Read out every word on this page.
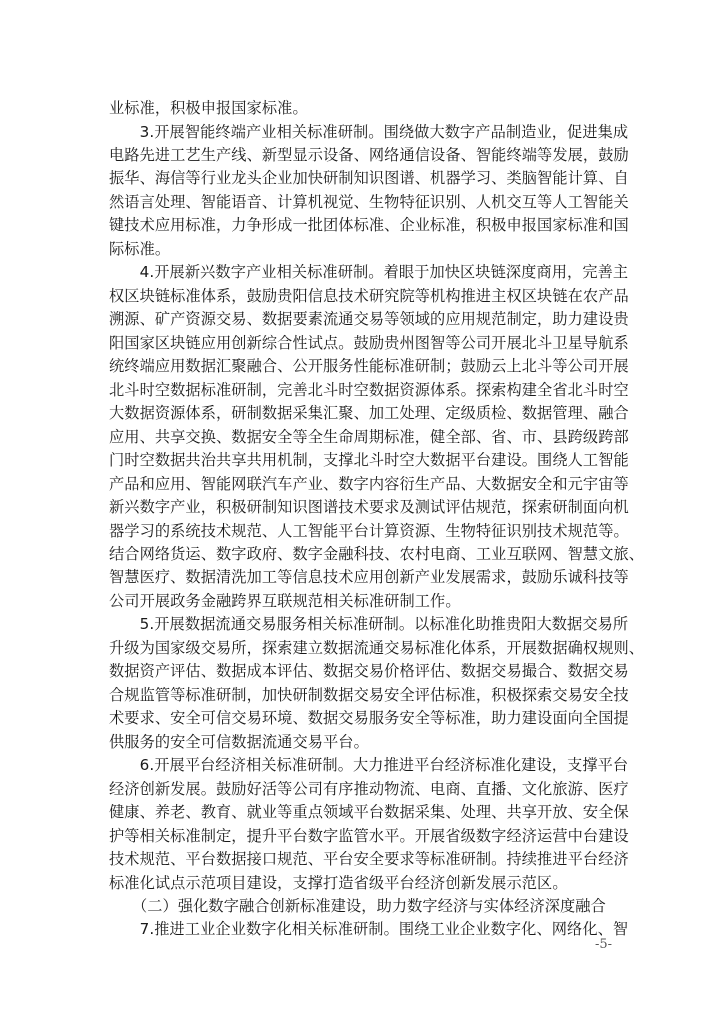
业标准，积极申报国家标准。
　　3.开展智能终端产业相关标准研制。围绕做大数字产品制造业，促进集成
电路先进工艺生产线、新型显示设备、网络通信设备、智能终端等发展，鼓励
振华、海信等行业龙头企业加快研制知识图谱、机器学习、类脑智能计算、自
然语言处理、智能语音、计算机视觉、生物特征识别、人机交互等人工智能关
键技术应用标准，力争形成一批团体标准、企业标准，积极申报国家标准和国
际标准。
　　4.开展新兴数字产业相关标准研制。着眼于加快区块链深度商用，完善主
权区块链标准体系，鼓励贵阳信息技术研究院等机构推进主权区块链在农产品
溯源、矿产资源交易、数据要素流通交易等领域的应用规范制定，助力建设贵
阳国家区块链应用创新综合性试点。鼓励贵州图智等公司开展北斗卫星导航系
统终端应用数据汇聚融合、公开服务性能标准研制；鼓励云上北斗等公司开展
北斗时空数据标准研制，完善北斗时空数据资源体系。探索构建全省北斗时空
大数据资源体系，研制数据采集汇聚、加工处理、定级质检、数据管理、融合
应用、共享交换、数据安全等全生命周期标准，健全部、省、市、县跨级跨部
门时空数据共治共享共用机制，支撑北斗时空大数据平台建设。围绕人工智能
产品和应用、智能网联汽车产业、数字内容衍生产品、大数据安全和元宇宙等
新兴数字产业，积极研制知识图谱技术要求及测试评估规范，探索研制面向机
器学习的系统技术规范、人工智能平台计算资源、生物特征识别技术规范等。
结合网络货运、数字政府、数字金融科技、农村电商、工业互联网、智慧文旅、
智慧医疗、数据清洗加工等信息技术应用创新产业发展需求，鼓励乐诚科技等
公司开展政务金融跨界互联规范相关标准研制工作。
　　5.开展数据流通交易服务相关标准研制。以标准化助推贵阳大数据交易所
升级为国家级交易所，探索建立数据流通交易标准化体系，开展数据确权规则、
数据资产评估、数据成本评估、数据交易价格评估、数据交易撮合、数据交易
合规监管等标准研制，加快研制数据交易安全评估标准，积极探索交易安全技
术要求、安全可信交易环境、数据交易服务安全等标准，助力建设面向全国提
供服务的安全可信数据流通交易平台。
　　6.开展平台经济相关标准研制。大力推进平台经济标准化建设，支撑平台
经济创新发展。鼓励好活等公司有序推动物流、电商、直播、文化旅游、医疗
健康、养老、教育、就业等重点领域平台数据采集、处理、共享开放、安全保
护等相关标准制定，提升平台数字监管水平。开展省级数字经济运营中台建设
技术规范、平台数据接口规范、平台安全要求等标准研制。持续推进平台经济
标准化试点示范项目建设，支撑打造省级平台经济创新发展示范区。
　　（二）强化数字融合创新标准建设，助力数字经济与实体经济深度融合
　　7.推进工业企业数字化相关标准研制。围绕工业企业数字化、网络化、智
-5-
